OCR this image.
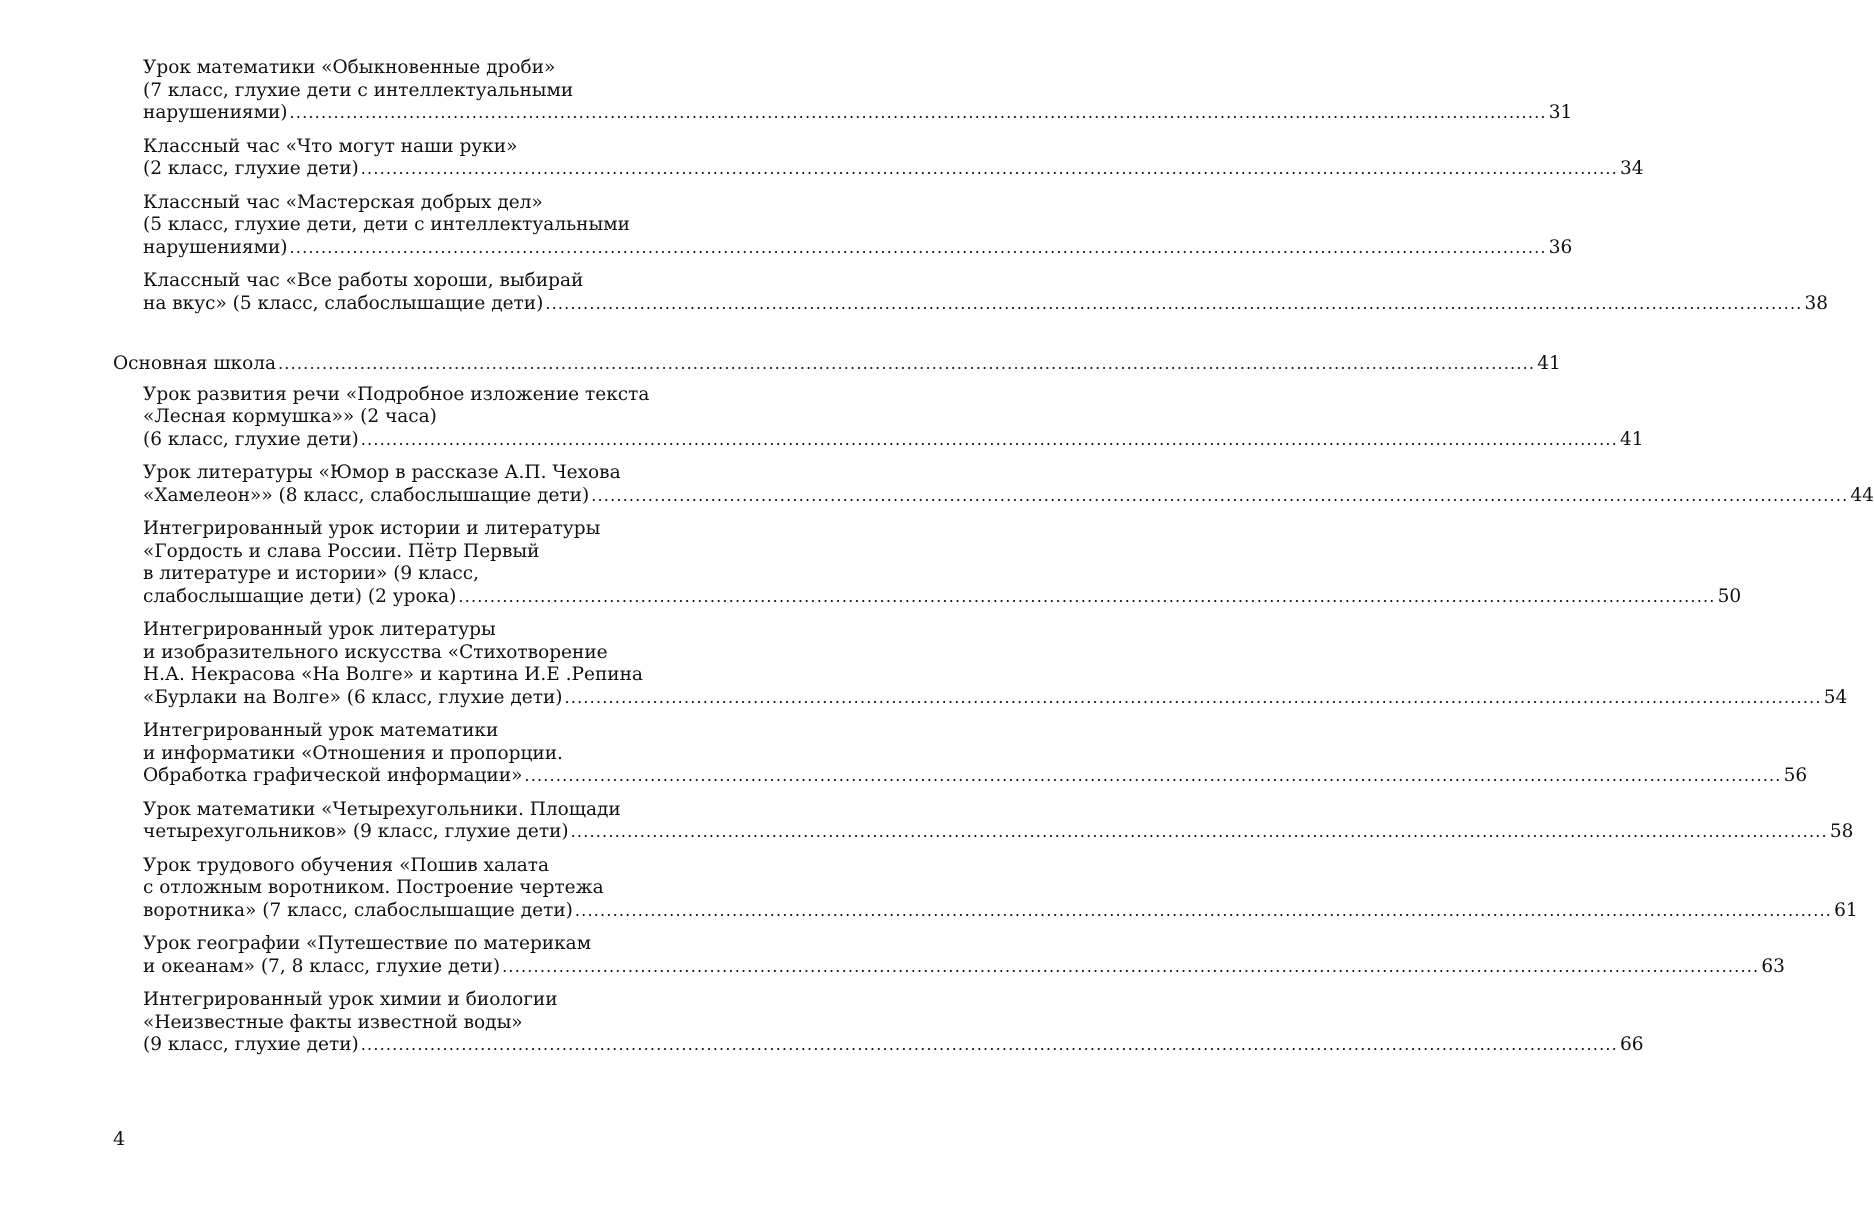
Урок математики «Обыкновенные дроби»
(7 класс, глухие дети с интеллектуальными
нарушениями) ........................................................................................................................................................................................................ 31
Классный час «Что могут наши руки»
(2 класс, глухие дети) ........................................................................................................................................................................................................ 34
Классный час «Мастерская добрых дел»
(5 класс, глухие дети, дети с интеллектуальными
нарушениями) ........................................................................................................................................................................................................ 36
Классный час «Все работы хороши, выбирай
на вкус» (5 класс, слабослышащие дети) ........................................................................................................................................................................................................ 38
Основная школа ........................................................................................................................................................................................................ 41
Урок развития речи «Подробное изложение текста
«Лесная кормушка»» (2 часа)
(6 класс, глухие дети) ........................................................................................................................................................................................................ 41
Урок литературы «Юмор в рассказе А.П. Чехова
«Хамелеон»» (8 класс, слабослышащие дети) ........................................................................................................................................................................................................ 44
Интегрированный урок истории и литературы
«Гордость и слава России. Пётр Первый
в литературе и истории» (9 класс,
слабослышащие дети) (2 урока) ........................................................................................................................................................................................................ 50
Интегрированный урок литературы
и изобразительного искусства «Стихотворение
Н.А. Некрасова «На Волге» и картина И.Е .Репина
«Бурлаки на Волге» (6 класс, глухие дети) ........................................................................................................................................................................................................ 54
Интегрированный урок математики
и информатики «Отношения и пропорции.
Обработка графической информации» ........................................................................................................................................................................................................ 56
Урок математики «Четырехугольники. Площади
четырехугольников» (9 класс, глухие дети) ........................................................................................................................................................................................................ 58
Урок трудового обучения «Пошив халата
с отложным воротником. Построение чертежа
воротника» (7 класс, слабослышащие дети) ........................................................................................................................................................................................................ 61
Урок географии «Путешествие по материкам
и океанам» (7, 8 класс, глухие дети) ........................................................................................................................................................................................................ 63
Интегрированный урок химии и биологии
«Неизвестные факты известной воды»
(9 класс, глухие дети) ........................................................................................................................................................................................................ 66
4
